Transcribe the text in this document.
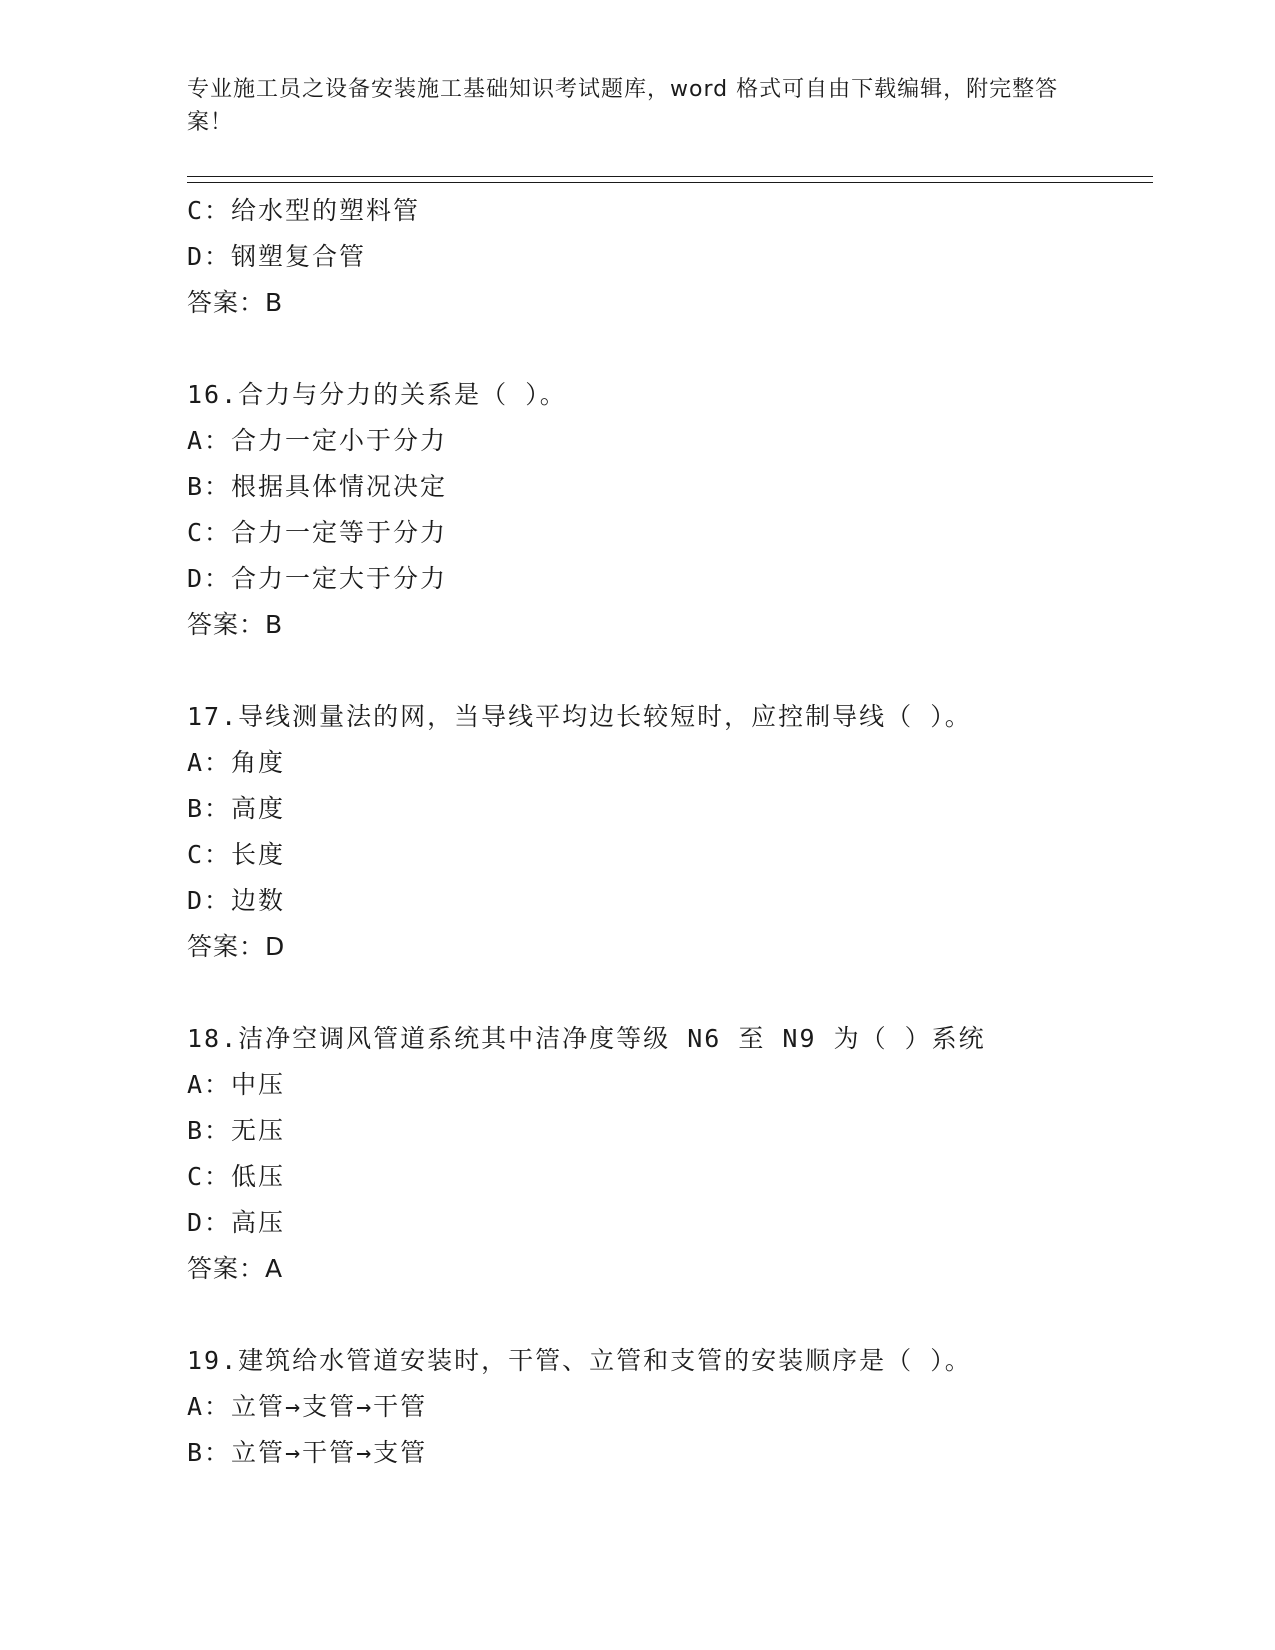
专业施工员之设备安装施工基础知识考试题库，word 格式可自由下载编辑，附完整答案！
C：给水型的塑料管
D：钢塑复合管
答案：B
16.合力与分力的关系是（ ）。
A：合力一定小于分力
B：根据具体情况决定
C：合力一定等于分力
D：合力一定大于分力
答案：B
17.导线测量法的网，当导线平均边长较短时，应控制导线（ ）。
A：角度
B：高度
C：长度
D：边数
答案：D
18.洁净空调风管道系统其中洁净度等级 N6 至 N9 为（ ）系统
A：中压
B：无压
C：低压
D：高压
答案：A
19.建筑给水管道安装时，干管、立管和支管的安装顺序是（ ）。
A：立管→支管→干管
B：立管→干管→支管
